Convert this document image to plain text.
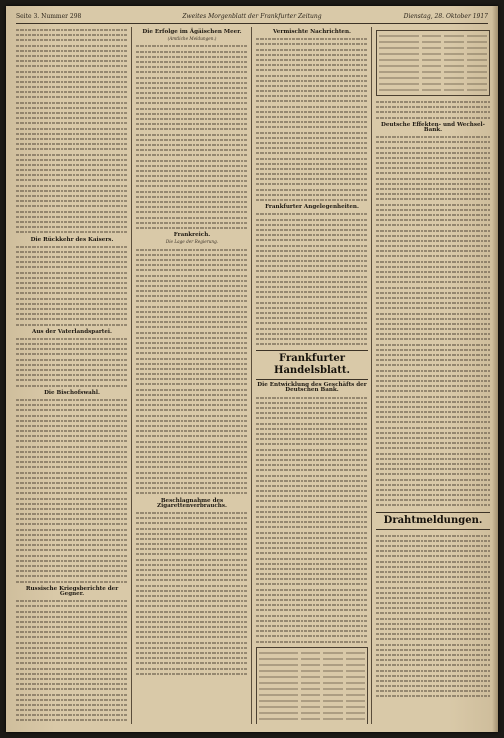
Seite 3. Nummer 298	Zweites Morgenblatt der Frankfurter Zeitung	Dienstag, 28. Oktober 1917
Die Rückkehr des Kaisers.
Aus der Vaterlandspartei.
Die Bischofswahl.
Russische Kriegsberichte der Gegner.
Die Erfolge im Ägäischen Meer.
(Amtliche Meldungen.)
Frankreich.
Die Lage der Regierung.
Beschlagnahme des Zigarettenverbrauchs.
Vermischte Nachrichten.
Frankfurter Angelegenheiten.
Frankfurter Handelsblatt.
Die Entwicklung des Geschäfts der Deutschen Bank.
Deutsche Effekten- und Wechsel-Bank.
Drahtmeldungen.
